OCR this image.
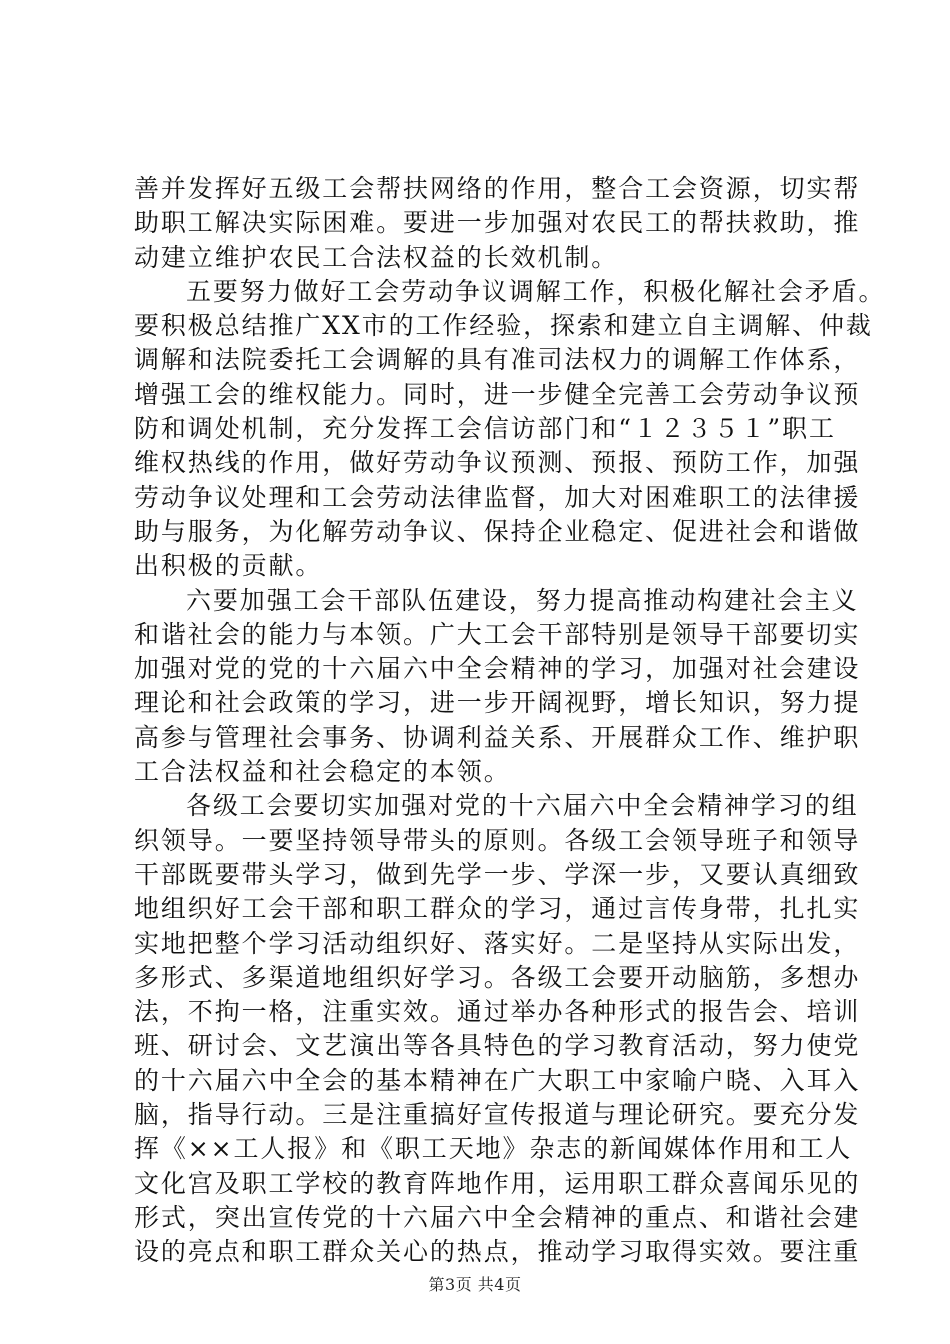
善并发挥好五级工会帮扶网络的作用，整合工会资源，切实帮
助职工解决实际困难。要进一步加强对农民工的帮扶救助，推
动建立维护农民工合法权益的长效机制。
五要努力做好工会劳动争议调解工作，积极化解社会矛盾。
要积极总结推广XX市的工作经验，探索和建立自主调解、仲裁
调解和法院委托工会调解的具有准司法权力的调解工作体系，
增强工会的维权能力。同时，进一步健全完善工会劳动争议预
防和调处机制，充分发挥工会信访部门和“１２３５１”职工
维权热线的作用，做好劳动争议预测、预报、预防工作，加强
劳动争议处理和工会劳动法律监督，加大对困难职工的法律援
助与服务，为化解劳动争议、保持企业稳定、促进社会和谐做
出积极的贡献。
六要加强工会干部队伍建设，努力提高推动构建社会主义
和谐社会的能力与本领。广大工会干部特别是领导干部要切实
加强对党的党的十六届六中全会精神的学习，加强对社会建设
理论和社会政策的学习，进一步开阔视野，增长知识，努力提
高参与管理社会事务、协调利益关系、开展群众工作、维护职
工合法权益和社会稳定的本领。
各级工会要切实加强对党的十六届六中全会精神学习的组
织领导。一要坚持领导带头的原则。各级工会领导班子和领导
干部既要带头学习，做到先学一步、学深一步，又要认真细致
地组织好工会干部和职工群众的学习，通过言传身带，扎扎实
实地把整个学习活动组织好、落实好。二是坚持从实际出发，
多形式、多渠道地组织好学习。各级工会要开动脑筋，多想办
法，不拘一格，注重实效。通过举办各种形式的报告会、培训
班、研讨会、文艺演出等各具特色的学习教育活动，努力使党
的十六届六中全会的基本精神在广大职工中家喻户晓、入耳入
脑，指导行动。三是注重搞好宣传报道与理论研究。要充分发
挥《××工人报》和《职工天地》杂志的新闻媒体作用和工人
文化宫及职工学校的教育阵地作用，运用职工群众喜闻乐见的
形式，突出宣传党的十六届六中全会精神的重点、和谐社会建
设的亮点和职工群众关心的热点，推动学习取得实效。要注重
第3页 共4页
